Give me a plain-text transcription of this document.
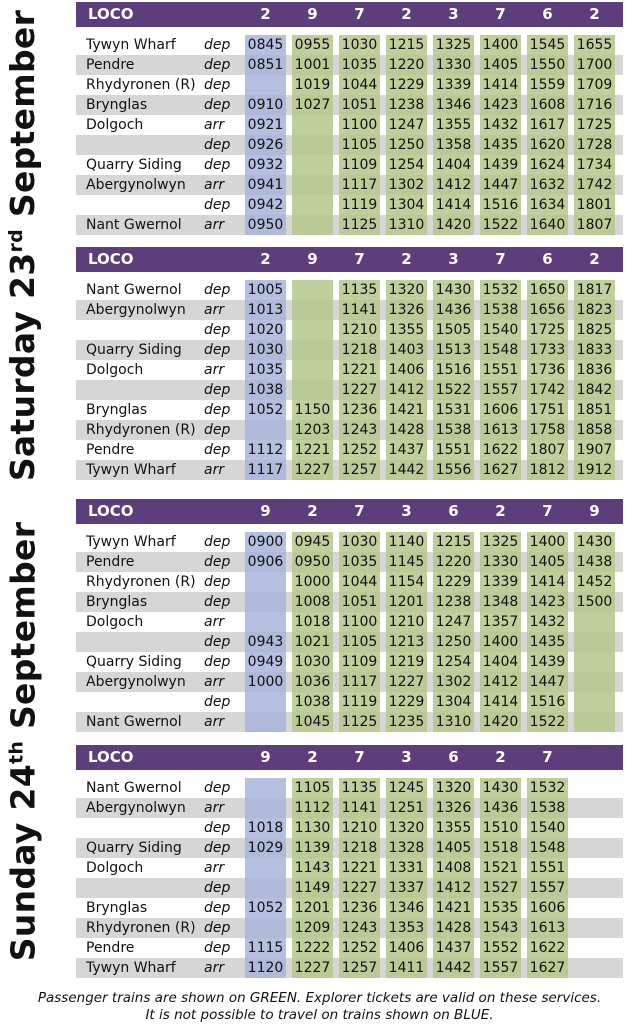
Saturday 23rd September
Sunday 24th September
LOCO	2	9	7	2	3	7	6	2
Tywyn Wharf dep 0845 0955 1030 1215 1325 1400 1545 1655
Pendre	dep 0851 1001 1035 1220 1330 1405 1550 1700
Rhydyronen (R) dep	1019 1044 1229 1339 1414 1559 1709
Brynglas	dep 0910 1027 1051 1238 1346 1423 1608 1716
Dolgoch	arr 0921	1100 1247 1355 1432 1617 1725
dep 0926	1105 1250 1358 1435 1620 1728
Quarry Siding dep 0932	1109 1254 1404 1439 1624 1734
Abergynolwyn arr 0941	1117 1302 1412 1447 1632 1742
dep 0942	1119 1304 1414 1516 1634 1801
Nant Gwernol arr 0950	1125 1310 1420 1522 1640 1807
LOCO	2	9	7	2	3	7	6	2
Nant Gwernol dep 1005	1135 1320 1430 1532 1650 1817
Abergynolwyn arr 1013	1141 1326 1436 1538 1656 1823
dep 1020	1210 1355 1505 1540 1725 1825
Quarry Siding dep 1030	1218 1403 1513 1548 1733 1833
Dolgoch	arr 1035	1221 1406 1516 1551 1736 1836
dep 1038	1227 1412 1522 1557 1742 1842
Brynglas	dep 1052 1150 1236 1421 1531 1606 1751 1851
Rhydyronen (R) dep	1203 1243 1428 1538 1613 1758 1858
Pendre	dep 1112 1221 1252 1437 1551 1622 1807 1907
Tywyn Wharf arr 1117 1227 1257 1442 1556 1627 1812 1912
LOCO	9	2	7	3	6	2	7	9
Tywyn Wharf dep 0900 0945 1030 1140 1215 1325 1400 1430
Pendre	dep 0906 0950 1035 1145 1220 1330 1405 1438
Rhydyronen (R) dep	1000 1044 1154 1229 1339 1414 1452
Brynglas	dep	1008 1051 1201 1238 1348 1423 1500
Dolgoch	arr	1018 1100 1210 1247 1357 1432
dep 0943 1021 1105 1213 1250 1400 1435
Quarry Siding dep 0949 1030 1109 1219 1254 1404 1439
Abergynolwyn arr 1000 1036 1117 1227 1302 1412 1447
dep	1038 1119 1229 1304 1414 1516
Nant Gwernol arr	1045 1125 1235 1310 1420 1522
LOCO	9	2	7	3	6	2	7
Nant Gwernol dep	1105 1135 1245 1320 1430 1532
Abergynolwyn arr	1112 1141 1251 1326 1436 1538
dep 1018 1130 1210 1320 1355 1510 1540
Quarry Siding dep 1029 1139 1218 1328 1405 1518 1548
Dolgoch	arr	1143 1221 1331 1408 1521 1551
dep	1149 1227 1337 1412 1527 1557
Brynglas	dep 1052 1201 1236 1346 1421 1535 1606
Rhydyronen (R) dep	1209 1243 1353 1428 1543 1613
Pendre	dep 1115 1222 1252 1406 1437 1552 1622
Tywyn Wharf arr 1120 1227 1257 1411 1442 1557 1627
Passenger trains are shown on GREEN. Explorer tickets are valid on these services.
It is not possible to travel on trains shown on BLUE.
